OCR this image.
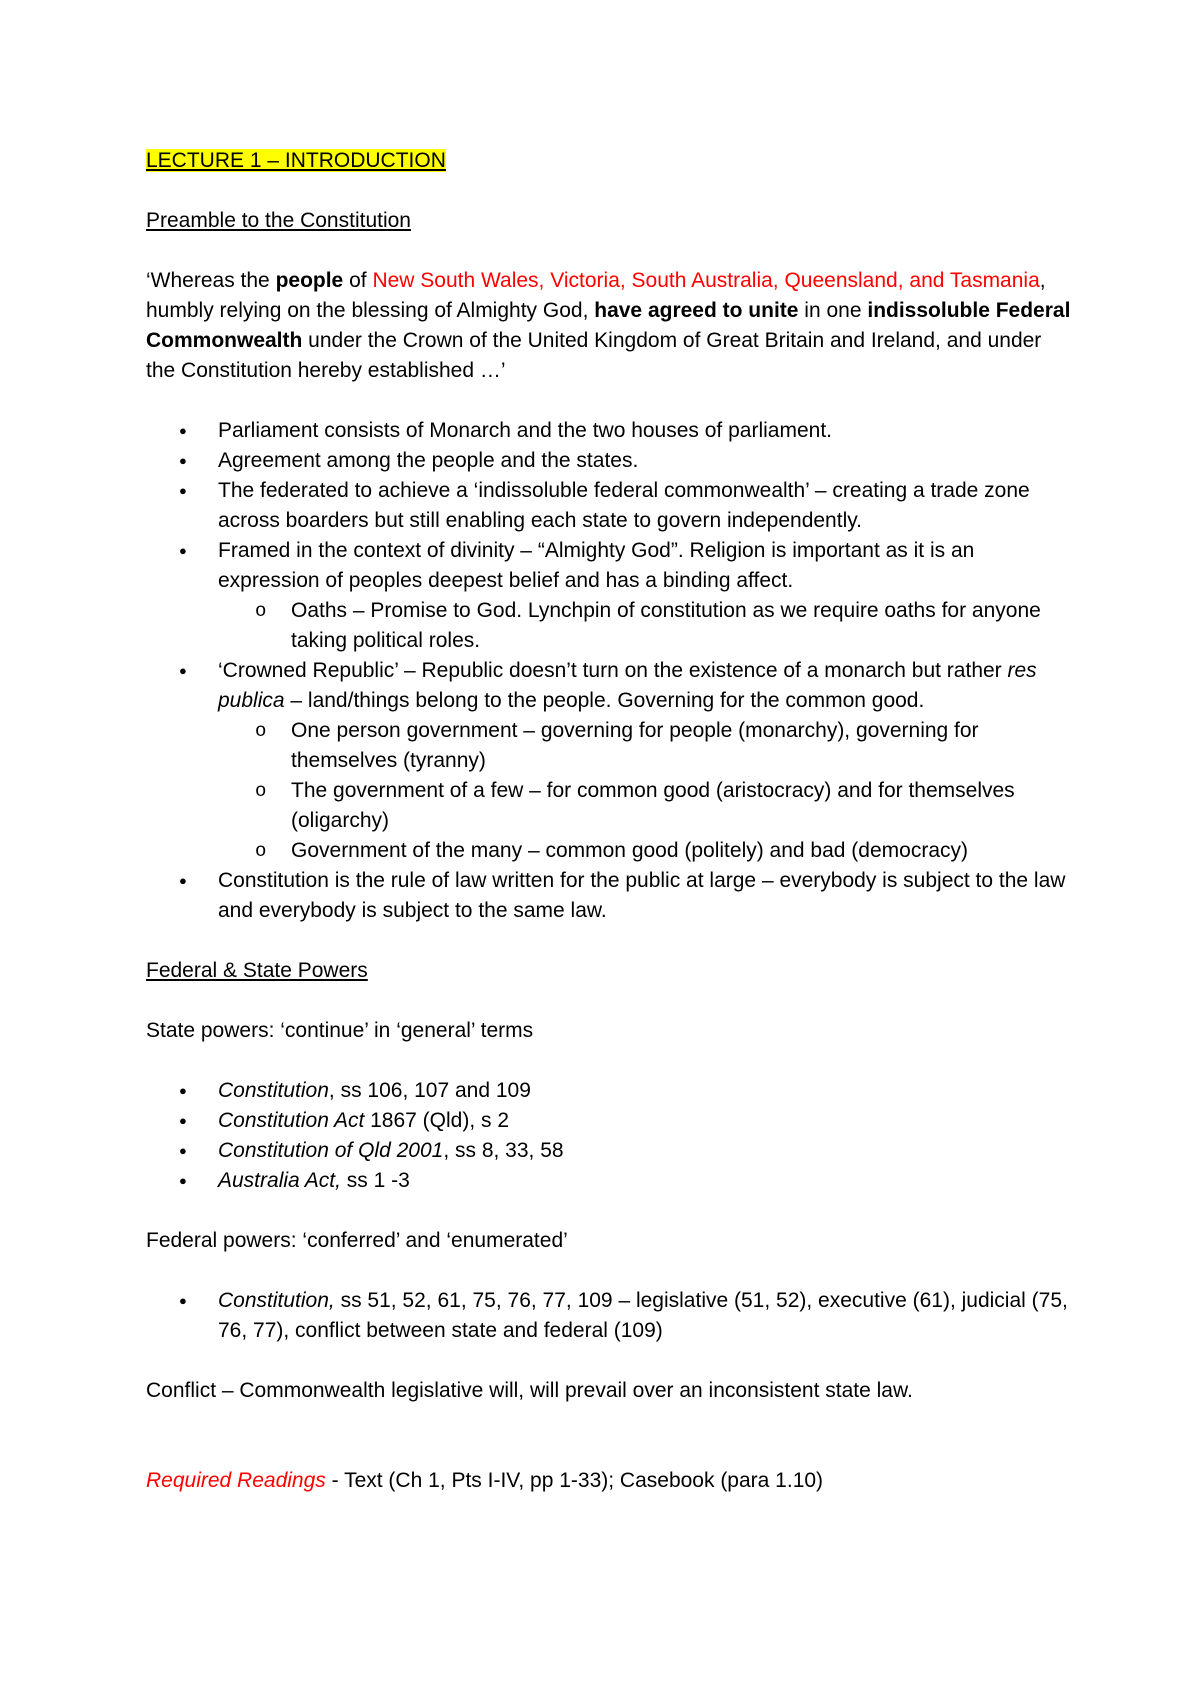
LECTURE 1 – INTRODUCTION

Preamble to the Constitution

‘Whereas the people of New South Wales, Victoria, South Australia, Queensland, and Tasmania, humbly relying on the blessing of Almighty God, have agreed to unite in one indissoluble Federal Commonwealth under the Crown of the United Kingdom of Great Britain and Ireland, and under the Constitution hereby established …’

● Parliament consists of Monarch and the two houses of parliament.
● Agreement among the people and the states.
● The federated to achieve a ‘indissoluble federal commonwealth’ – creating a trade zone across boarders but still enabling each state to govern independently.
● Framed in the context of divinity – “Almighty God”. Religion is important as it is an expression of peoples deepest belief and has a binding affect.
o Oaths – Promise to God. Lynchpin of constitution as we require oaths for anyone taking political roles.
● ‘Crowned Republic’ – Republic doesn’t turn on the existence of a monarch but rather res publica – land/things belong to the people. Governing for the common good.
o One person government – governing for people (monarchy), governing for themselves (tyranny)
o The government of a few – for common good (aristocracy) and for themselves (oligarchy)
o Government of the many – common good (politely) and bad (democracy)
● Constitution is the rule of law written for the public at large – everybody is subject to the law and everybody is subject to the same law.

Federal & State Powers

State powers: ‘continue’ in ‘general’ terms

● Constitution, ss 106, 107 and 109
● Constitution Act 1867 (Qld), s 2
● Constitution of Qld 2001, ss 8, 33, 58
● Australia Act, ss 1 -3

Federal powers: ‘conferred’ and ‘enumerated’

● Constitution, ss 51, 52, 61, 75, 76, 77, 109 – legislative (51, 52), executive (61), judicial (75, 76, 77), conflict between state and federal (109)

Conflict – Commonwealth legislative will, will prevail over an inconsistent state law.

Required Readings - Text (Ch 1, Pts I-IV, pp 1-33); Casebook (para 1.10)
